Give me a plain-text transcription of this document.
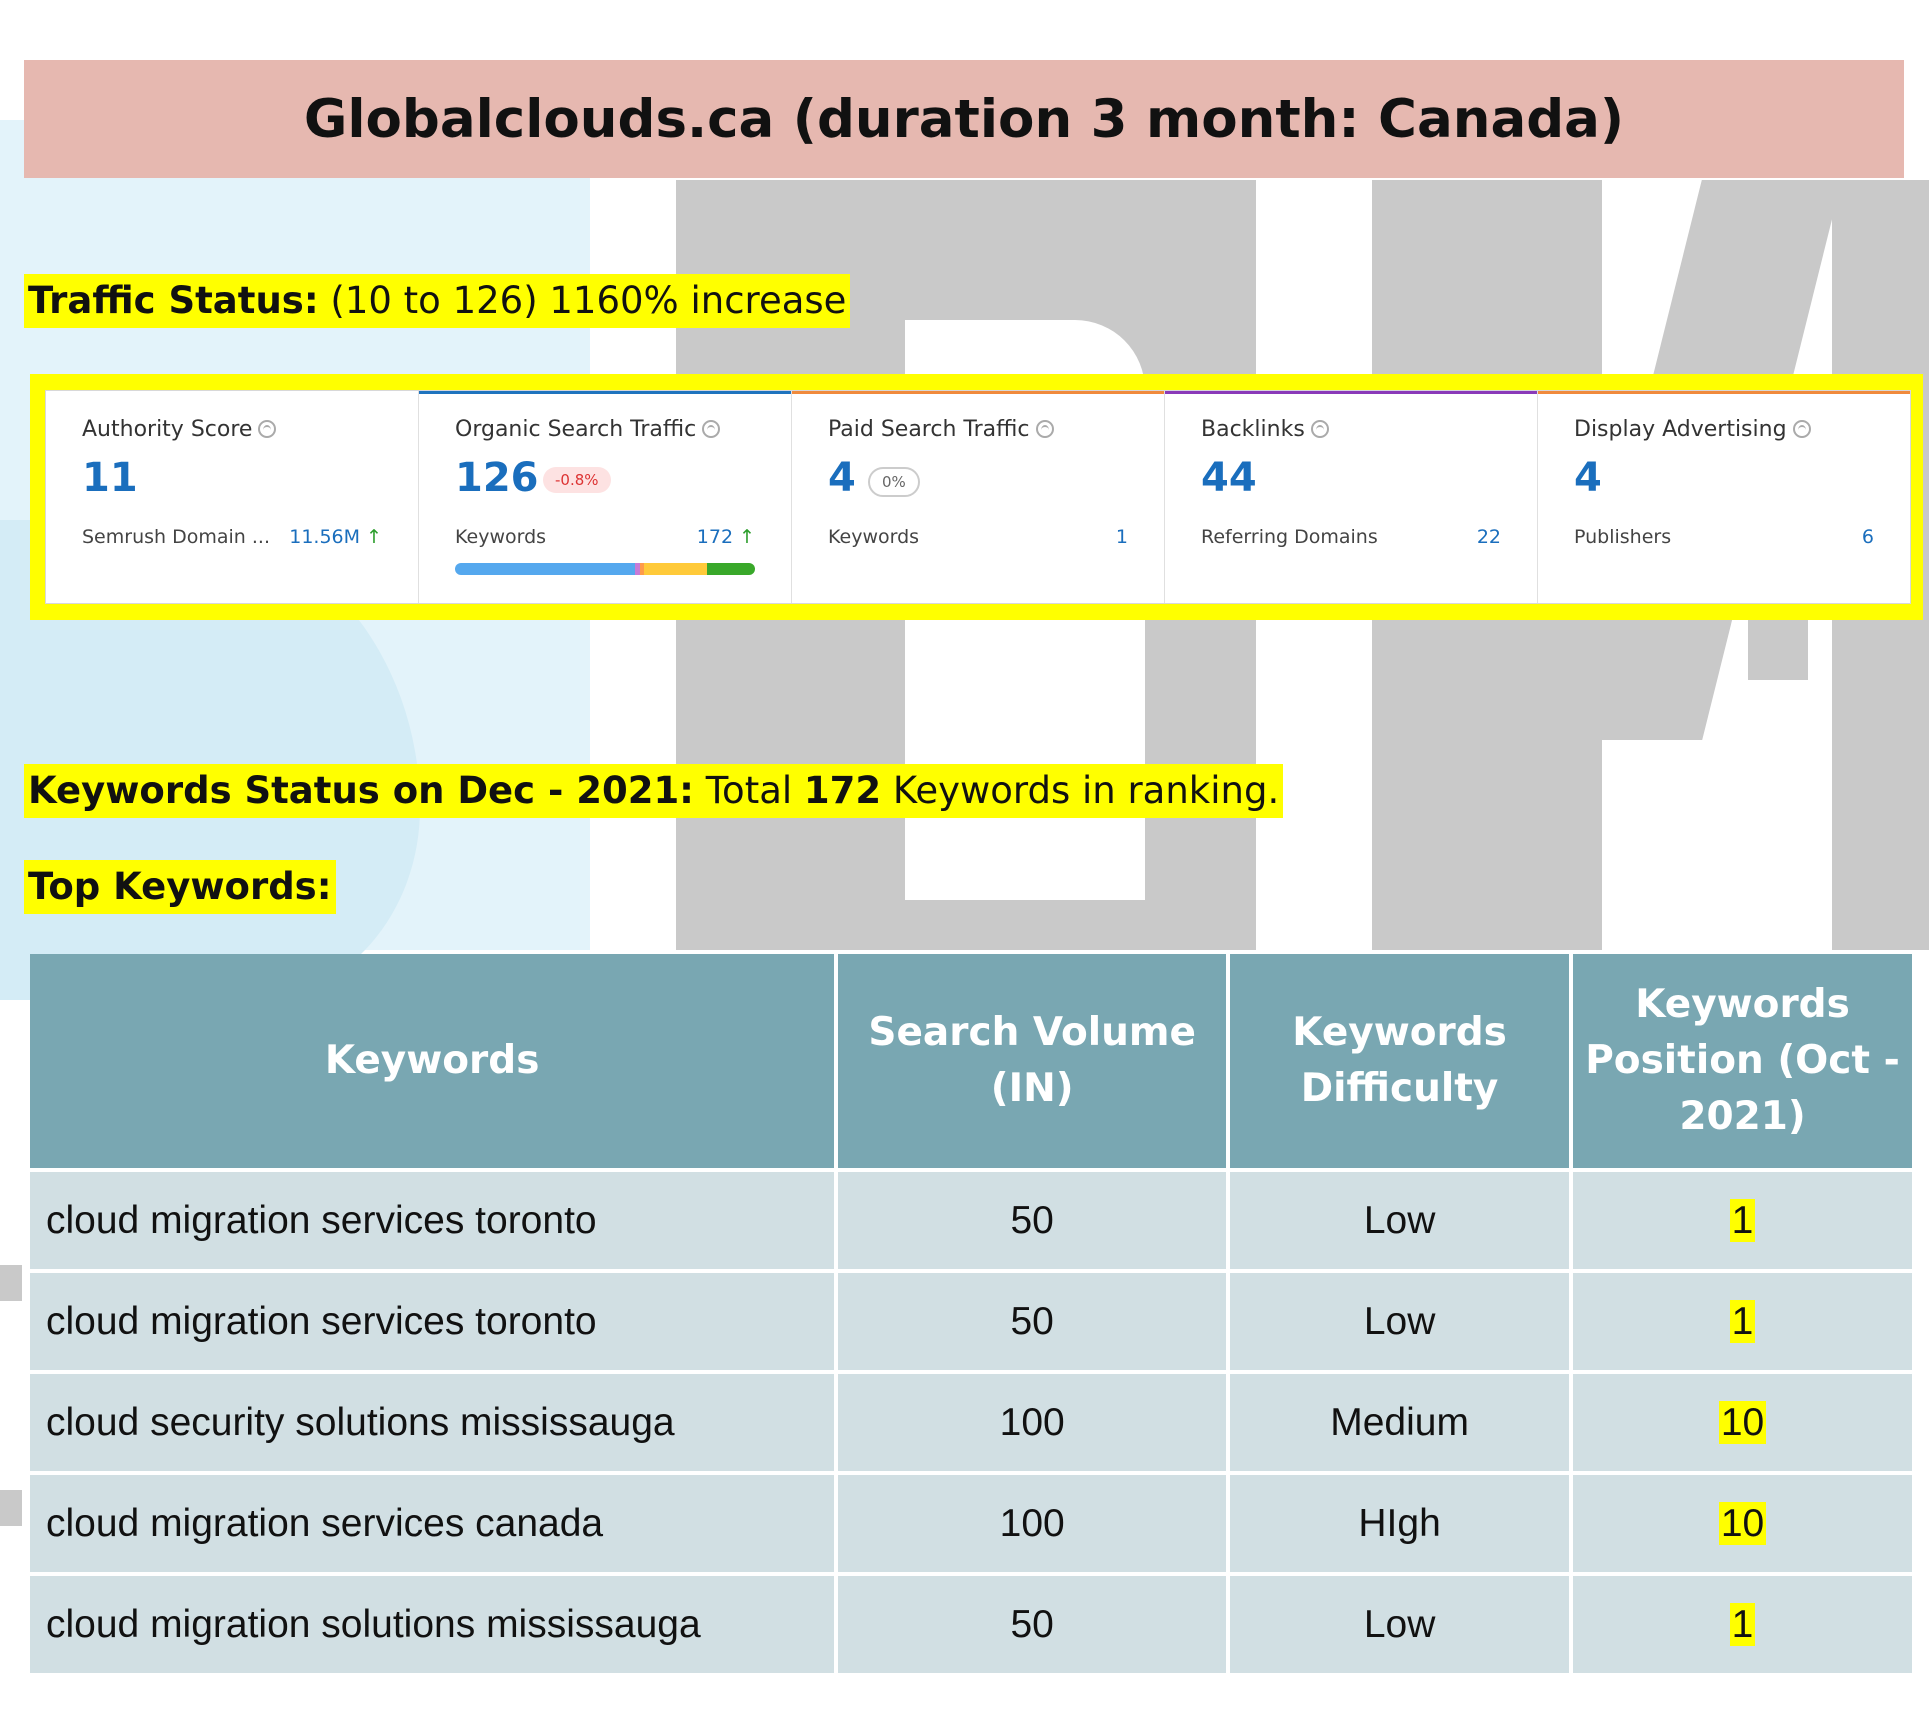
Globalclouds.ca (duration 3 month: Canada)
Traffic Status: (10 to 126) 1160% increase
Authority Score
11
Semrush Domain ... 11.56M ↑
Organic Search Traffic
126	-0.8%
Keywords	172 ↑
Paid Search Traffic
4	0%
Keywords	1
Backlinks
44
Referring Domains	22
Display Advertising
4
Publishers	6
Keywords Status on Dec - 2021: Total 172 Keywords in ranking.
Top Keywords:
Keywords	Search Volume (IN)	Keywords Difficulty	Keywords Position (Oct - 2021)
cloud migration services toronto	50	Low	1
cloud migration services toronto	50	Low	1
cloud security solutions mississauga	100	Medium	10
cloud migration services canada	100	HIgh	10
cloud migration solutions mississauga	50	Low	1
